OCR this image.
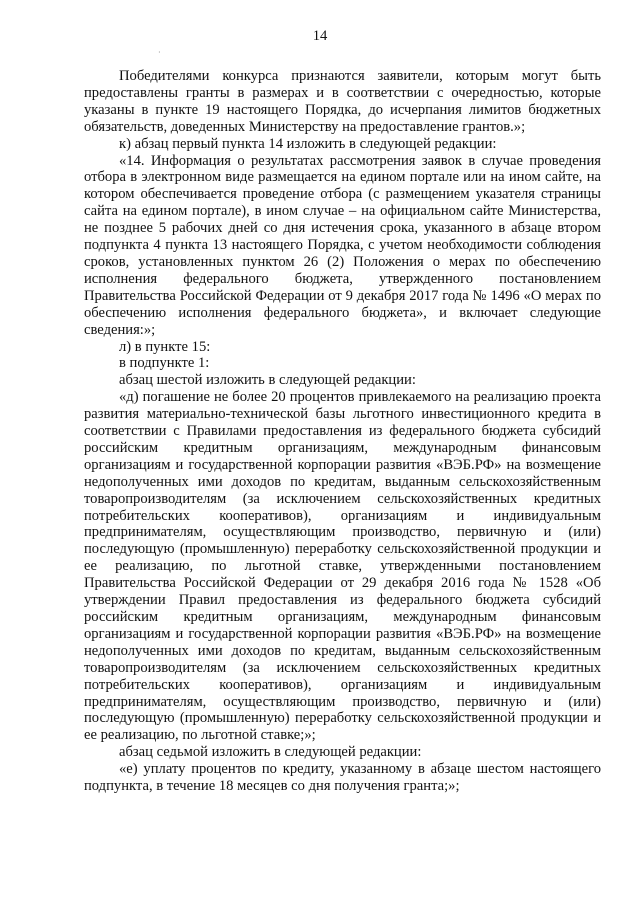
14
·

Победителями конкурса признаются заявители, которым могут быть предоставлены гранты в размерах и в соответствии с очередностью, которые указаны в пункте 19 настоящего Порядка, до исчерпания лимитов бюджетных обязательств, доведенных Министерству на предоставление грантов.»;

к) абзац первый пункта 14 изложить в следующей редакции:

«14. Информация о результатах рассмотрения заявок в случае проведения отбора в электронном виде размещается на едином портале или на ином сайте, на котором обеспечивается проведение отбора (с размещением указателя страницы сайта на едином портале), в ином случае – на официальном сайте Министерства, не позднее 5 рабочих дней со дня истечения срока, указанного в абзаце втором подпункта 4 пункта 13 настоящего Порядка, с учетом необходимости соблюдения сроков, установленных пунктом 26 (2) Положения о мерах по обеспечению исполнения федерального бюджета, утвержденного постановлением Правительства Российской Федерации от 9 декабря 2017 года № 1496 «О мерах по обеспечению исполнения федерального бюджета», и включает следующие сведения:»;

л) в пункте 15:

в подпункте 1:

абзац шестой изложить в следующей редакции:

«д) погашение не более 20 процентов привлекаемого на реализацию проекта развития материально-технической базы льготного инвестиционного кредита в соответствии с Правилами предоставления из федерального бюджета субсидий российским кредитным организациям, международным финансовым организациям и государственной корпорации развития «ВЭБ.РФ» на возмещение недополученных ими доходов по кредитам, выданным сельскохозяйственным товаропроизводителям (за исключением сельскохозяйственных кредитных потребительских кооперативов), организациям и индивидуальным предпринимателям, осуществляющим производство, первичную и (или) последующую (промышленную) переработку сельскохозяйственной продукции и ее реализацию, по льготной ставке, утвержденными постановлением Правительства Российской Федерации от 29 декабря 2016 года № 1528 «Об утверждении Правил предоставления из федерального бюджета субсидий российским кредитным организациям, международным финансовым организациям и государственной корпорации развития «ВЭБ.РФ» на возмещение недополученных ими доходов по кредитам, выданным сельскохозяйственным товаропроизводителям (за исключением сельскохозяйственных кредитных потребительских кооперативов), организациям и индивидуальным предпринимателям, осуществляющим производство, первичную и (или) последующую (промышленную) переработку сельскохозяйственной продукции и ее реализацию, по льготной ставке;»;

абзац седьмой изложить в следующей редакции:

«е) уплату процентов по кредиту, указанному в абзаце шестом настоящего подпункта, в течение 18 месяцев со дня получения гранта;»;
